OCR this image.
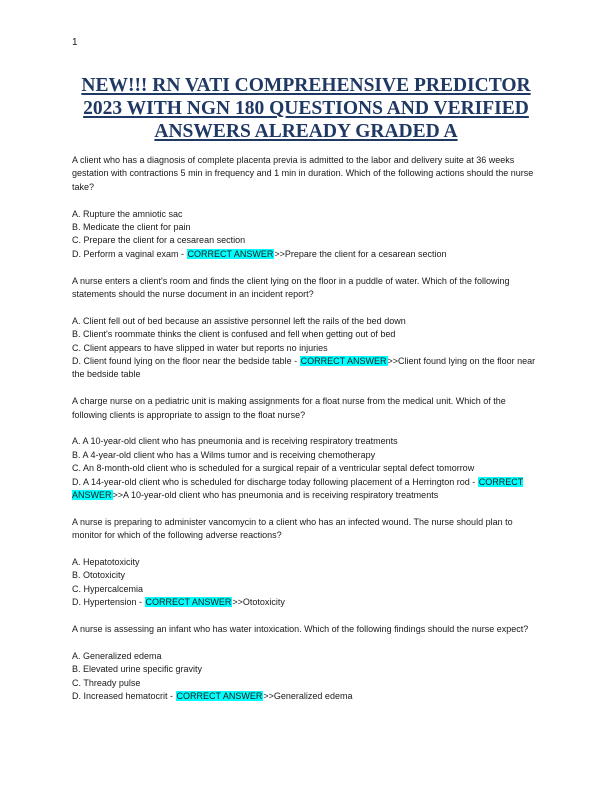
1
NEW!!! RN VATI COMPREHENSIVE PREDICTOR 2023 WITH NGN 180 QUESTIONS AND VERIFIED ANSWERS ALREADY GRADED A

A client who has a diagnosis of complete placenta previa is admitted to the labor and delivery suite at 36 weeks gestation with contractions 5 min in frequency and 1 min in duration. Which of the following actions should the nurse take?

A. Rupture the amniotic sac
B. Medicate the client for pain
C. Prepare the client for a cesarean section
D. Perform a vaginal exam - CORRECT ANSWER>>Prepare the client for a cesarean section

A nurse enters a client's room and finds the client lying on the floor in a puddle of water. Which of the following statements should the nurse document in an incident report?

A. Client fell out of bed because an assistive personnel left the rails of the bed down
B. Client's roommate thinks the client is confused and fell when getting out of bed
C. Client appears to have slipped in water but reports no injuries
D. Client found lying on the floor near the bedside table - CORRECT ANSWER>>Client found lying on the floor near the bedside table

A charge nurse on a pediatric unit is making assignments for a float nurse from the medical unit. Which of the following clients is appropriate to assign to the float nurse?

A. A 10-year-old client who has pneumonia and is receiving respiratory treatments
B. A 4-year-old client who has a Wilms tumor and is receiving chemotherapy
C. An 8-month-old client who is scheduled for a surgical repair of a ventricular septal defect tomorrow
D. A 14-year-old client who is scheduled for discharge today following placement of a Herrington rod - CORRECT ANSWER>>A 10-year-old client who has pneumonia and is receiving respiratory treatments

A nurse is preparing to administer vancomycin to a client who has an infected wound. The nurse should plan to monitor for which of the following adverse reactions?

A. Hepatotoxicity
B. Ototoxicity
C. Hypercalcemia
D. Hypertension - CORRECT ANSWER>>Ototoxicity

A nurse is assessing an infant who has water intoxication. Which of the following findings should the nurse expect?

A. Generalized edema
B. Elevated urine specific gravity
C. Thready pulse
D. Increased hematocrit - CORRECT ANSWER>>Generalized edema
